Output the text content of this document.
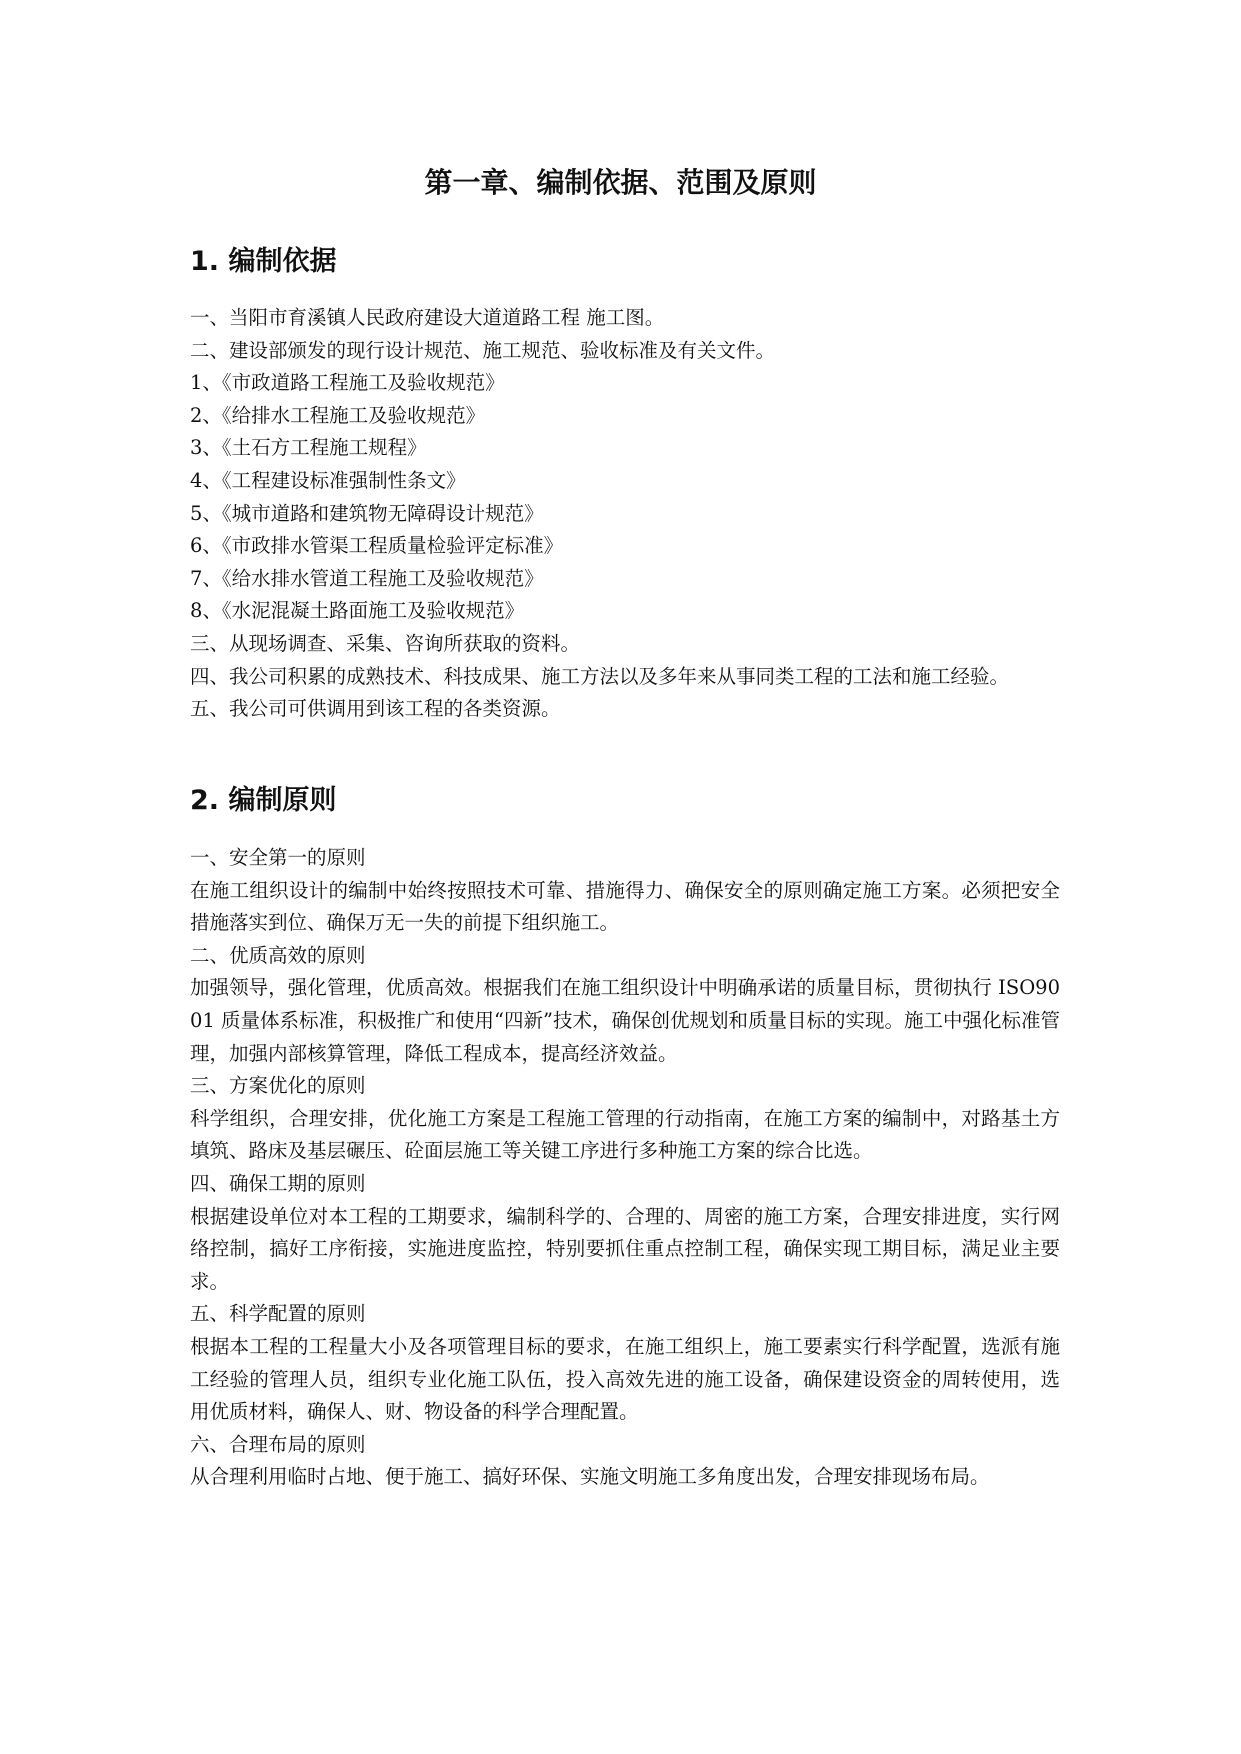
第一章、编制依据、范围及原则
1. 编制依据
一、当阳市育溪镇人民政府建设大道道路工程 施工图。
二、建设部颁发的现行设计规范、施工规范、验收标准及有关文件。
1、《市政道路工程施工及验收规范》
2、《给排水工程施工及验收规范》
3、《土石方工程施工规程》
4、《工程建设标准强制性条文》
5、《城市道路和建筑物无障碍设计规范》
6、《市政排水管渠工程质量检验评定标准》
7、《给水排水管道工程施工及验收规范》
8、《水泥混凝土路面施工及验收规范》
三、从现场调查、采集、咨询所获取的资料。
四、我公司积累的成熟技术、科技成果、施工方法以及多年来从事同类工程的工法和施工经验。
五、我公司可供调用到该工程的各类资源。
2. 编制原则
一、安全第一的原则
在施工组织设计的编制中始终按照技术可靠、措施得力、确保安全的原则确定施工方案。必须把安全措施落实到位、确保万无一失的前提下组织施工。
二、优质高效的原则
加强领导，强化管理，优质高效。根据我们在施工组织设计中明确承诺的质量目标，贯彻执行 ISO9001 质量体系标准，积极推广和使用“四新”技术，确保创优规划和质量目标的实现。施工中强化标准管理，加强内部核算管理，降低工程成本，提高经济效益。
三、方案优化的原则
科学组织，合理安排，优化施工方案是工程施工管理的行动指南，在施工方案的编制中，对路基土方填筑、路床及基层碾压、砼面层施工等关键工序进行多种施工方案的综合比选。
四、确保工期的原则
根据建设单位对本工程的工期要求，编制科学的、合理的、周密的施工方案，合理安排进度，实行网络控制，搞好工序衔接，实施进度监控，特别要抓住重点控制工程，确保实现工期目标，满足业主要求。
五、科学配置的原则
根据本工程的工程量大小及各项管理目标的要求，在施工组织上，施工要素实行科学配置，选派有施工经验的管理人员，组织专业化施工队伍，投入高效先进的施工设备，确保建设资金的周转使用，选用优质材料，确保人、财、物设备的科学合理配置。
六、合理布局的原则
从合理利用临时占地、便于施工、搞好环保、实施文明施工多角度出发，合理安排现场布局。
